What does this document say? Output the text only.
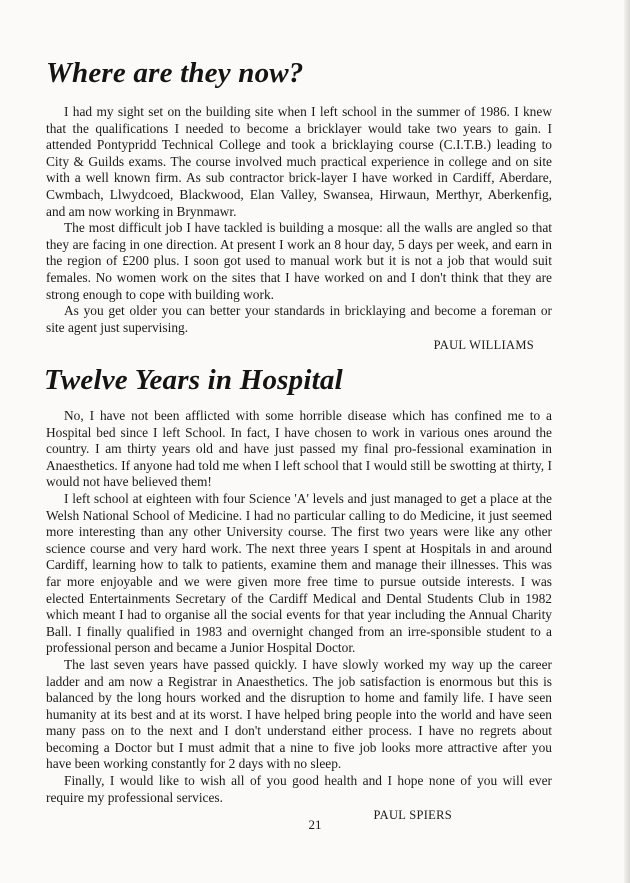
Where are they now?

I had my sight set on the building site when I left school in the summer of 1986. I knew that the qualifications I needed to become a bricklayer would take two years to gain. I attended Pontypridd Technical College and took a bricklaying course (C.I.T.B.) leading to City & Guilds exams. The course involved much practical experience in college and on site with a well known firm. As sub contractor brick-layer I have worked in Cardiff, Aberdare, Cwmbach, Llwydcoed, Blackwood, Elan Valley, Swansea, Hirwaun, Merthyr, Aberkenfig, and am now working in Brynmawr.

The most difficult job I have tackled is building a mosque: all the walls are angled so that they are facing in one direction. At present I work an 8 hour day, 5 days per week, and earn in the region of £200 plus. I soon got used to manual work but it is not a job that would suit females. No women work on the sites that I have worked on and I don't think that they are strong enough to cope with building work.

As you get older you can better your standards in bricklaying and become a foreman or site agent just supervising.

PAUL WILLIAMS

Twelve Years in Hospital

No, I have not been afflicted with some horrible disease which has confined me to a Hospital bed since I left School. In fact, I have chosen to work in various ones around the country. I am thirty years old and have just passed my final pro-fessional examination in Anaesthetics. If anyone had told me when I left school that I would still be swotting at thirty, I would not have believed them!

I left school at eighteen with four Science 'A' levels and just managed to get a place at the Welsh National School of Medicine. I had no particular calling to do Medicine, it just seemed more interesting than any other University course. The first two years were like any other science course and very hard work. The next three years I spent at Hospitals in and around Cardiff, learning how to talk to patients, examine them and manage their illnesses. This was far more enjoyable and we were given more free time to pursue outside interests. I was elected Entertainments Secretary of the Cardiff Medical and Dental Students Club in 1982 which meant I had to organise all the social events for that year including the Annual Charity Ball. I finally qualified in 1983 and overnight changed from an irre-sponsible student to a professional person and became a Junior Hospital Doctor.

The last seven years have passed quickly. I have slowly worked my way up the career ladder and am now a Registrar in Anaesthetics. The job satisfaction is enormous but this is balanced by the long hours worked and the disruption to home and family life. I have seen humanity at its best and at its worst. I have helped bring people into the world and have seen many pass on to the next and I don't understand either process. I have no regrets about becoming a Doctor but I must admit that a nine to five job looks more attractive after you have been working constantly for 2 days with no sleep.

Finally, I would like to wish all of you good health and I hope none of you will ever require my professional services.

PAUL SPIERS

21
